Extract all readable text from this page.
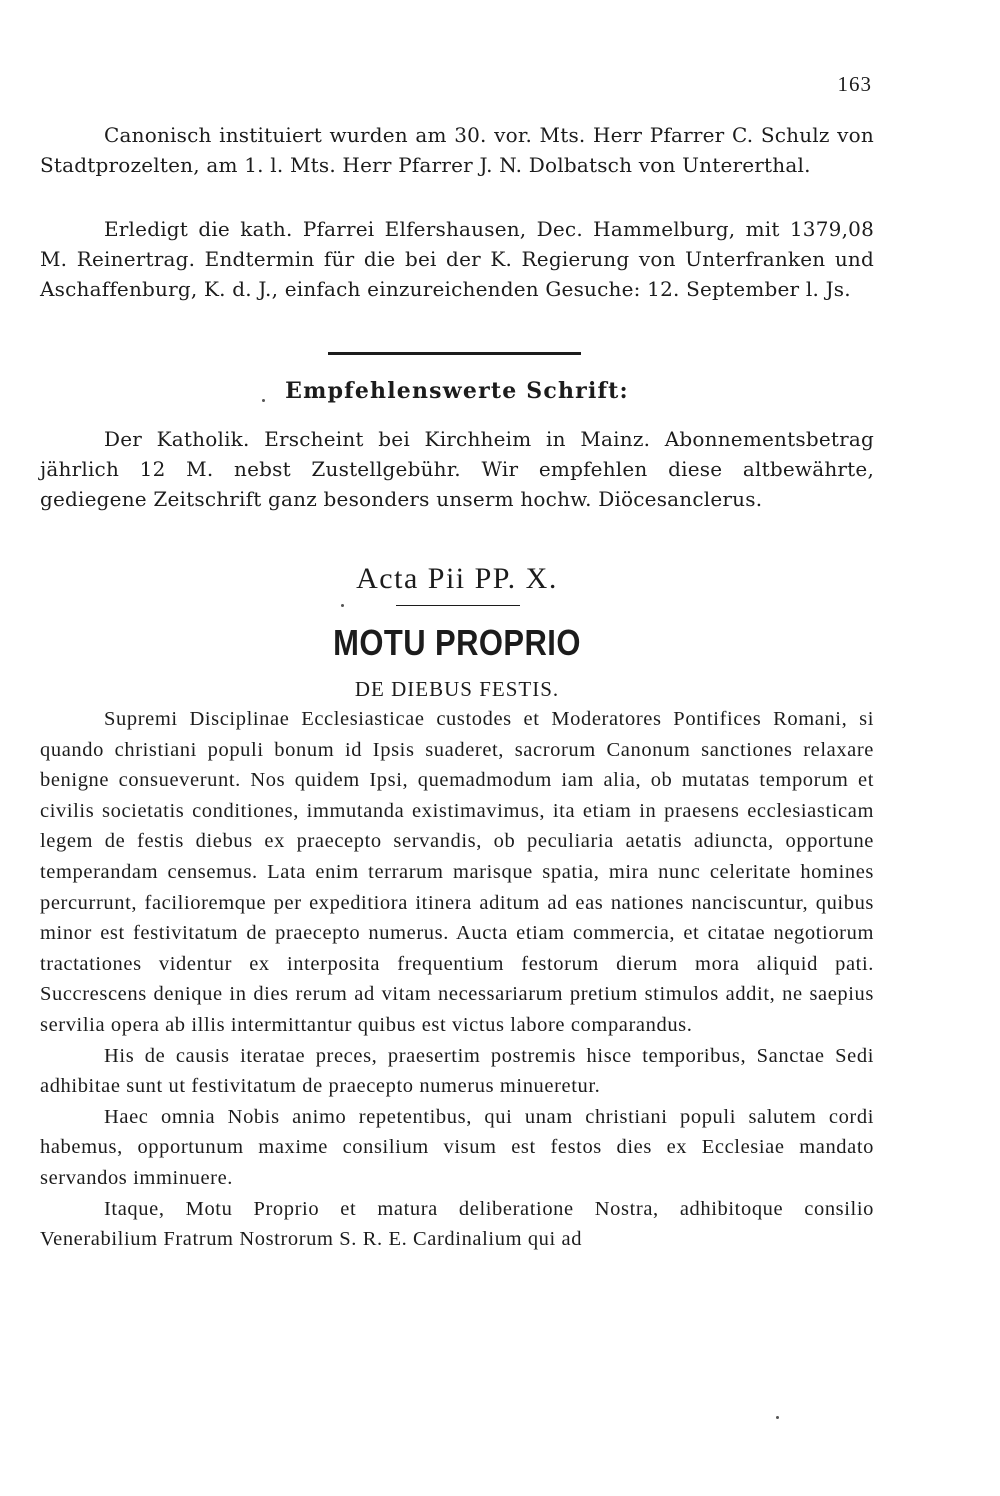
163

Canonisch instituiert wurden am 30. vor. Mts. Herr Pfarrer C. Schulz von Stadtprozelten, am 1. l. Mts. Herr Pfarrer J. N. Dolbatsch von Untererthal.

Erledigt die kath. Pfarrei Elfershausen, Dec. Hammelburg, mit 1379,08 M. Reinertrag. Endtermin für die bei der K. Regierung von Unterfranken und Aschaffenburg, K. d. J., einfach einzureichenden Gesuche: 12. September l. Js.

Empfehlenswerte Schrift:

Der Katholik. Erscheint bei Kirchheim in Mainz. Abonnementsbetrag jährlich 12 M. nebst Zustellgebühr. Wir empfehlen diese altbewährte, gediegene Zeitschrift ganz besonders unserm hochw. Diöcesanclerus.

Acta Pii PP. X.
MOTU PROPRIO
DE DIEBUS FESTIS.

Supremi Disciplinae Ecclesiasticae custodes et Moderatores Pontifices Romani, si quando christiani populi bonum id Ipsis suaderet, sacrorum Canonum sanctiones relaxare benigne consueverunt. Nos quidem Ipsi, quemadmodum iam alia, ob mutatas temporum et civilis societatis conditiones, immutanda existimavimus, ita etiam in praesens ecclesiasticam legem de festis diebus ex praecepto servandis, ob peculiaria aetatis adiuncta, opportune temperandam censemus. Lata enim terrarum marisque spatia, mira nunc celeritate homines percurrunt, facilioremque per expeditiora itinera aditum ad eas nationes nanciscuntur, quibus minor est festivitatum de praecepto numerus. Aucta etiam commercia, et citatae negotiorum tractationes videntur ex interposita frequentium festorum dierum mora aliquid pati. Succrescens denique in dies rerum ad vitam necessariarum pretium stimulos addit, ne saepius servilia opera ab illis intermittantur quibus est victus labore comparandus.

His de causis iteratae preces, praesertim postremis hisce temporibus, Sanctae Sedi adhibitae sunt ut festivitatum de praecepto numerus minueretur.

Haec omnia Nobis animo repetentibus, qui unam christiani populi salutem cordi habemus, opportunum maxime consilium visum est festos dies ex Ecclesiae mandato servandos imminuere.

Itaque, Motu Proprio et matura deliberatione Nostra, adhibitoque consilio Venerabilium Fratrum Nostrorum S. R. E. Cardinalium qui ad
